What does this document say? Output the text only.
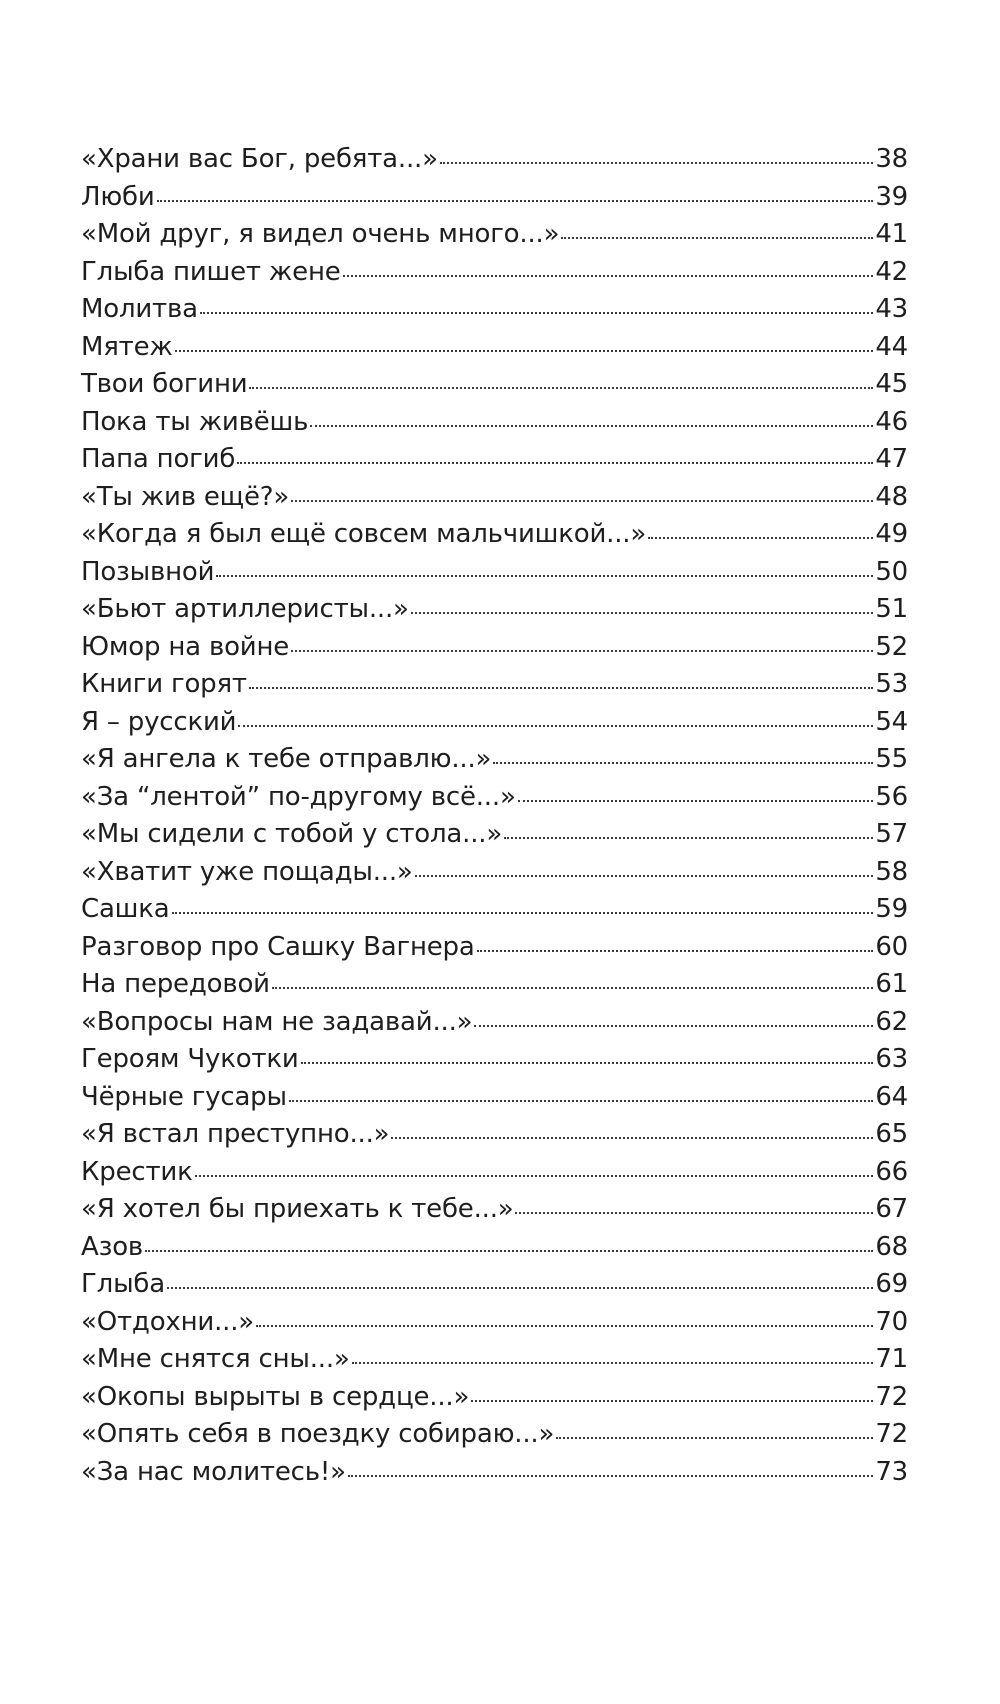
«Храни вас Бог, ребята...»	38
Люби	39
«Мой друг, я видел очень много...»	41
Глыба пишет жене	42
Молитва	43
Мятеж	44
Твои богини	45
Пока ты живёшь	46
Папа погиб	47
«Ты жив ещё?»	48
«Когда я был ещё совсем мальчишкой...»	49
Позывной	50
«Бьют артиллеристы...»	51
Юмор на войне	52
Книги горят	53
Я – русский	54
«Я ангела к тебе отправлю...»	55
«За “лентой” по-другому всё...»	56
«Мы сидели с тобой у стола...»	57
«Хватит уже пощады...»	58
Сашка	59
Разговор про Сашку Вагнера	60
На передовой	61
«Вопросы нам не задавай...»	62
Героям Чукотки	63
Чёрные гусары	64
«Я встал преступно...»	65
Крестик	66
«Я хотел бы приехать к тебе...»	67
Азов	68
Глыба	69
«Отдохни...»	70
«Мне снятся сны...»	71
«Окопы вырыты в сердце...»	72
«Опять себя в поездку собираю...»	72
«За нас молитесь!»	73
